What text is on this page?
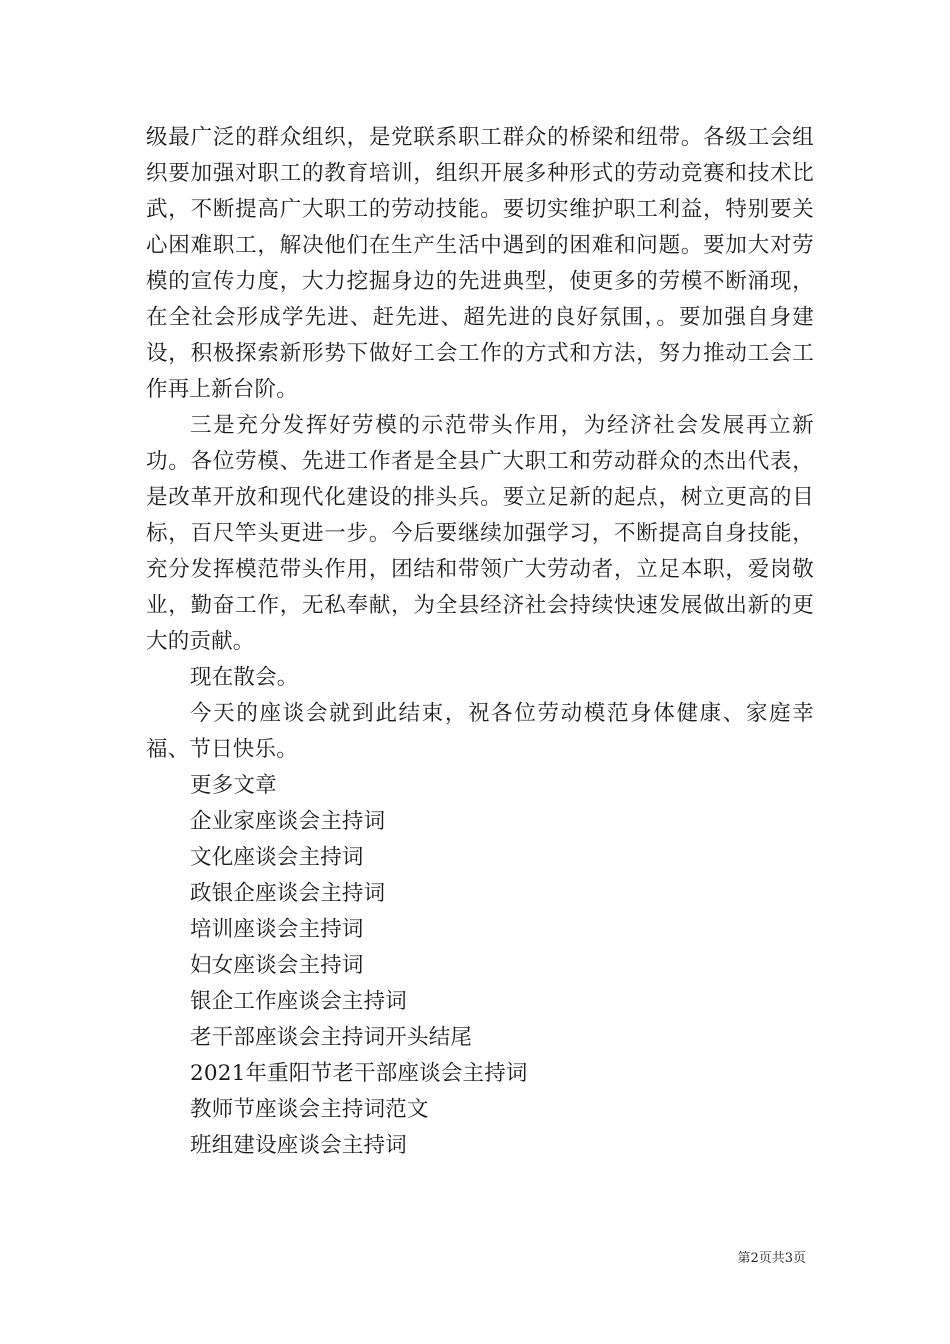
级最广泛的群众组织，是党联系职工群众的桥梁和纽带。各级工会组织要加强对职工的教育培训，组织开展多种形式的劳动竞赛和技术比武，不断提高广大职工的劳动技能。要切实维护职工利益，特别要关心困难职工，解决他们在生产生活中遇到的困难和问题。要加大对劳模的宣传力度，大力挖掘身边的先进典型，使更多的劳模不断涌现，在全社会形成学先进、赶先进、超先进的良好氛围，。要加强自身建设，积极探索新形势下做好工会工作的方式和方法，努力推动工会工作再上新台阶。

三是充分发挥好劳模的示范带头作用，为经济社会发展再立新功。各位劳模、先进工作者是全县广大职工和劳动群众的杰出代表，是改革开放和现代化建设的排头兵。要立足新的起点，树立更高的目标，百尺竿头更进一步。今后要继续加强学习，不断提高自身技能，充分发挥模范带头作用，团结和带领广大劳动者，立足本职，爱岗敬业，勤奋工作，无私奉献，为全县经济社会持续快速发展做出新的更大的贡献。

现在散会。

今天的座谈会就到此结束，祝各位劳动模范身体健康、家庭幸福、节日快乐。

更多文章

企业家座谈会主持词
文化座谈会主持词
政银企座谈会主持词
培训座谈会主持词
妇女座谈会主持词
银企工作座谈会主持词
老干部座谈会主持词开头结尾
2021年重阳节老干部座谈会主持词
教师节座谈会主持词范文
班组建设座谈会主持词
第2页共3页
